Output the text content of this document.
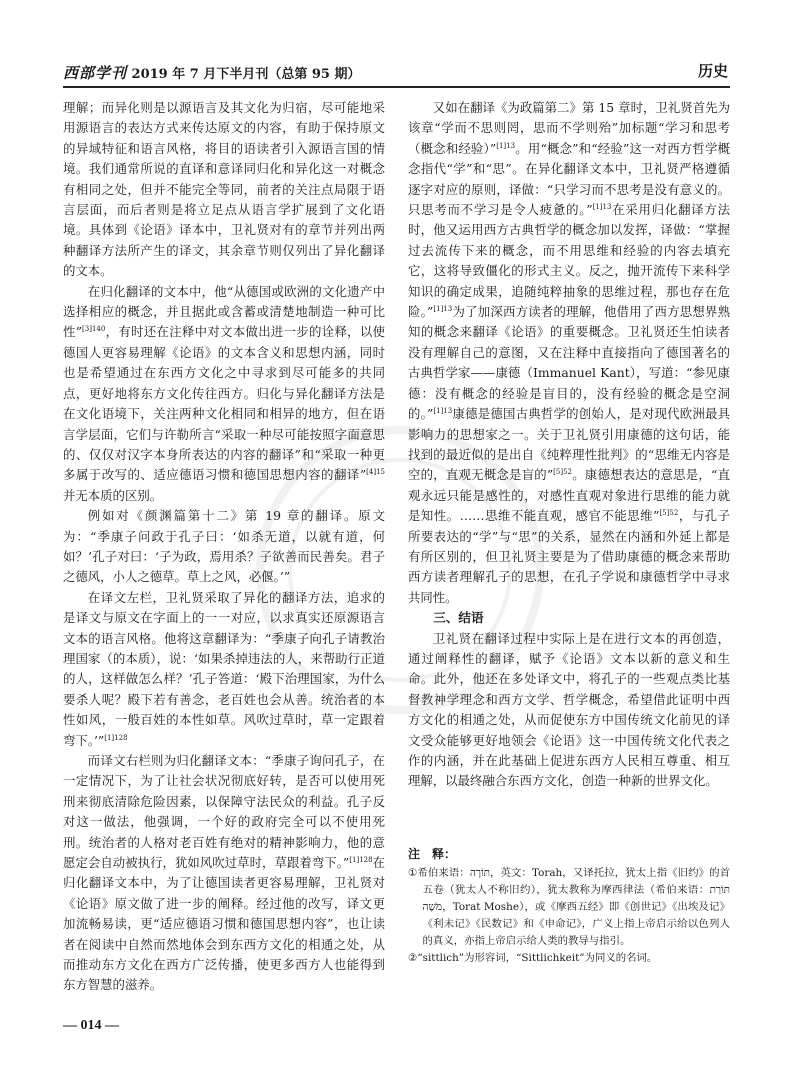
西部学刊 2019 年 7 月下半月刊（总第 95 期）	历史

理解；而异化则是以源语言及其文化为归宿，尽可能地采用源语言的表达方式来传达原文的内容，有助于保持原文的异域特征和语言风格，将目的语读者引入源语言国的情境。我们通常所说的直译和意译同归化和异化这一对概念有相同之处，但并不能完全等同，前者的关注点局限于语言层面，而后者则是将立足点从语言学扩展到了文化语境。具体到《论语》译本中，卫礼贤对有的章节并列出两种翻译方法所产生的译文，其余章节则仅列出了异化翻译的文本。

在归化翻译的文本中，他“从德国或欧洲的文化遗产中选择相应的概念，并且据此或含蓄或清楚地制造一种可比性”$^{[3]140}$，有时还在注释中对文本做出进一步的诠释，以使德国人更容易理解《论语》的文本含义和思想内涵，同时也是希望通过在东西方文化之中寻求到尽可能多的共同点，更好地将东方文化传往西方。归化与异化翻译方法是在文化语境下，关注两种文化相同和相异的地方，但在语言学层面，它们与许勒所言“采取一种尽可能按照字面意思的、仅仅对汉字本身所表达的内容的翻译”和“采取一种更多属于改写的、适应德语习惯和德国思想内容的翻译”$^{[4]15}$并无本质的区别。

例如对《颜渊篇第十二》第 19 章的翻译。原文为：“季康子问政于孔子曰：‘如杀无道，以就有道，何如？’孔子对曰：‘子为政，焉用杀？子欲善而民善矣。君子之德风，小人之德草。草上之风，必偃。’”

在译文左栏，卫礼贤采取了异化的翻译方法，追求的是译文与原文在字面上的一一对应，以求真实还原源语言文本的语言风格。他将这章翻译为：“季康子向孔子请教治理国家（的本质），说：‘如果杀掉违法的人，来帮助行正道的人，这样做怎么样？’孔子答道：‘殿下治理国家，为什么要杀人呢？殿下若有善念，老百姓也会从善。统治者的本性如风，一般百姓的本性如草。风吹过草时，草一定跟着弯下。’”$^{[1]128}$

而译文右栏则为归化翻译文本：“季康子询问孔子，在一定情况下，为了让社会状况彻底好转，是否可以使用死刑来彻底清除危险因素，以保障守法民众的利益。孔子反对这一做法，他强调，一个好的政府完全可以不使用死刑。统治者的人格对老百姓有绝对的精神影响力，他的意愿定会自动被执行，犹如风吹过草时，草跟着弯下。”$^{[1]128}$在归化翻译文本中，为了让德国读者更容易理解，卫礼贤对《论语》原文做了进一步的阐释。经过他的改写，译文更加流畅易读，更“适应德语习惯和德国思想内容”，也让读者在阅读中自然而然地体会到东西方文化的相通之处，从而推动东方文化在西方广泛传播，使更多西方人也能得到东方智慧的滋养。

又如在翻译《为政篇第二》第 15 章时，卫礼贤首先为该章“学而不思则罔，思而不学则殆”加标题“学习和思考（概念和经验）”$^{[1]13}$。用“概念”和“经验”这一对西方哲学概念指代“学”和“思”。在异化翻译文本中，卫礼贤严格遵循逐字对应的原则，译做：“只学习而不思考是没有意义的。只思考而不学习是令人疲惫的。”$^{[1]13}$在采用归化翻译方法时，他又运用西方古典哲学的概念加以发挥，译做：“掌握过去流传下来的概念，而不用思维和经验的内容去填充它，这将导致僵化的形式主义。反之，抛开流传下来科学知识的确定成果，追随纯粹抽象的思维过程，那也存在危险。”$^{[1]13}$为了加深西方读者的理解，他借用了西方思想界熟知的概念来翻译《论语》的重要概念。卫礼贤还生怕读者没有理解自己的意图，又在注释中直接指向了德国著名的古典哲学家——康德（Immanuel Kant），写道：“参见康德：没有概念的经验是盲目的，没有经验的概念是空洞的。”$^{[1]13}$康德是德国古典哲学的创始人，是对现代欧洲最具影响力的思想家之一。关于卫礼贤引用康德的这句话，能找到的最近似的是出自《纯粹理性批判》的“思维无内容是空的，直观无概念是盲的”$^{[5]52}$。康德想表达的意思是，“直观永远只能是感性的，对感性直观对象进行思维的能力就是知性。……思维不能直观，感官不能思维”$^{[5]52}$，与孔子所要表达的“学”与“思”的关系，显然在内涵和外延上都是有所区别的，但卫礼贤主要是为了借助康德的概念来帮助西方读者理解孔子的思想，在孔子学说和康德哲学中寻求共同性。

三、结语

卫礼贤在翻译过程中实际上是在进行文本的再创造，通过阐释性的翻译，赋予《论语》文本以新的意义和生命。此外，他还在多处译文中，将孔子的一些观点类比基督教神学理念和西方文学、哲学概念，希望借此证明中西方文化的相通之处，从而促使东方中国传统文化前见的译文受众能够更好地领会《论语》这一中国传统文化代表之作的内涵，并在此基础上促进东西方人民相互尊重、相互理解，以最终融合东西方文化，创造一种新的世界文化。

注　释：

①希伯来语：תּוֹרָה，英文：Torah，又译托拉，犹太上指《旧约》的首五卷（犹太人不称旧约），犹太教称为摩西律法（希伯来语：תּוֹרַת מֹשֶׁה，Torat Moshe），或《摩西五经》即《创世记》《出埃及记》《利未记》《民数记》和《申命记》，广义上指上帝启示给以色列人的真义，亦指上帝启示给人类的教导与指引。

②“sittlich”为形容词，“Sittlichkeit”为同义的名词。

— 014 —
